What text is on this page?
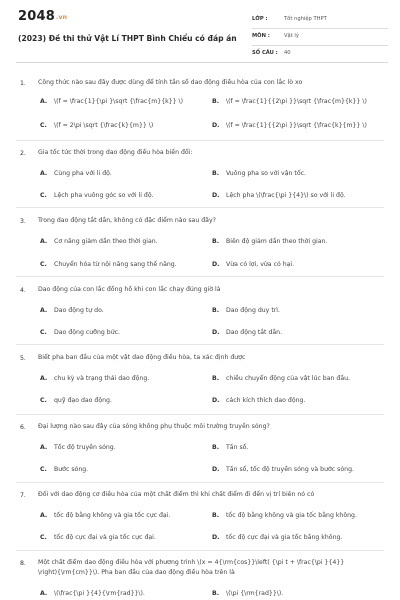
2048.vn
(2023) Đề thi thử Vật Lí THPT Bình Chiểu có đáp án
LỚP :	Tốt nghiệp THPT
MÔN :	Vật lý
SỐ CÂU : 40
1. Công thức nào sau đây được dùng để tính tần số dao động điều hòa của con lắc lò xo
A. \(f = \frac{1}{\pi }\sqrt {\frac{m}{k}} \)	B. \(f = \frac{1}{{2\pi }}\sqrt {\frac{m}{k}} \)
C. \(f = 2\pi \sqrt {\frac{k}{m}} \)	D. \(f = \frac{1}{{2\pi }}\sqrt {\frac{k}{m}} \)
2. Gia tốc tức thời trong dao động điều hòa biến đổi:
A. Cùng pha với li độ.	B. Vuông pha so với vận tốc.
C. Lệch pha vuông góc so với li độ.	D. Lệch pha \(\frac{\pi }{4}\) so với li độ.
3. Trong dao động tắt dần, không có đặc điểm nào sau đây?
A. Cơ năng giảm dần theo thời gian.	B. Biên độ giảm dần theo thời gian.
C. Chuyển hóa từ nội năng sang thế năng.	D. Vừa có lợi, vừa có hại.
4. Dao động của con lắc đồng hồ khi con lắc chạy đúng giờ là
A. Dao động tự do.	B. Dao động duy trì.
C. Dao động cưỡng bức.	D. Dao động tắt dần.
5. Biết pha ban đầu của một vật dao động điều hòa, ta xác định được
A. chu kỳ và trạng thái dao động.	B. chiều chuyển động của vật lúc ban đầu.
C. quỹ đạo dao động.	D. cách kích thích dao động.
6. Đại lượng nào sau đây của sóng không phụ thuộc môi trường truyền sóng?
A. Tốc độ truyền sóng.	B. Tần số.
C. Bước sóng.	D. Tần số, tốc độ truyền sóng và bước sóng.
7. Đối với dao động cơ điều hòa của một chất điểm thì khi chất điểm đi đến vị trí biên nó có
A. tốc độ bằng không và gia tốc cực đại.	B. tốc độ bằng không và gia tốc bằng không.
C. tốc độ cực đại và gia tốc cực đại.	D. tốc độ cực đại và gia tốc bằng không.
8. Một chất điểm dao động điều hòa với phương trình \(x = 4{\rm{cos}}\left( {\pi t + \frac{\pi }{4}}
\right){\rm{cm}}\). Pha ban đầu của dao động điều hòa trên là
A. \(\frac{\pi }{4}{\rm{rad}}\).	B. \(\pi {\rm{rad}}\).
